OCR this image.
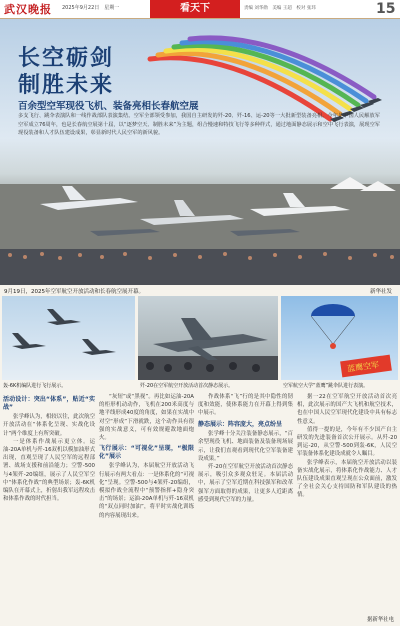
武汉晚报 2025年9月22日　星期一	看天下	责编 刘华勋　美编 王超　校对 张玮	15
长空砺剑
制胜未来
百余型空军现役飞机、装备亮相长春航空展
多支飞行、跳伞表演队和一线作战部队表演集结。空军全部领受参加，我国自主研发的歼-20、歼-16、运-20等一大批新型装备亮相。今年是中国人民解放军空军成立76周年，也是长春航空展第十届，以“逐梦空天、制胜未来”为主题，组合慢速和特技飞行等多种样式，通过地面静态展示和空中飞行表演，展现空军现役装备和人才队伍建设成果，彰显新时代人民空军的新风貌。
9月19日，2025年空军航空开放活动和长春航空展开幕。	新华社发
蓝鹰空军
轰-6K机编队进行飞行展示。	歼-20在空军航空开放活动首次静态展示。	空军航空大学“蓝鹰”跳伞队进行表演。
活动设计：突出“体系”，贴近“实战”

张学峰认为，相较以往，此次航空开放活动在“体系化呈现、实战化设计”两个维度上有所突破。

一是体系作战展示更立体。运油-20A单机与歼-16双机以模加油形式出现，直观呈现了人民空军的远程部署、战场支援和前沿能力；空警-500与4架歼-20编组，展示了人民空军空中“体系化作战”的典型场景；轰-6K机编队在开幕式上，折射出我军远程攻击和体系作战的时代担当。

“灰短”或“黑视”。再比如运油-20A的柜形机动动作，飞机在200米高度与地平线形成40度的角度，如果在实战中对空“形成”下滑就跌，这个动作具有很强的实战意义，可有效规避敌地面炮火。

飞行展示：“可视化”呈现，“极限化”展示

张学峰认为，本届航空开放活动飞行展示有两大看点：一是体系化的“可视化”呈现。空警-500与4架歼-20编组，模拟作战全流程中“预警指挥+隐身突击”的场景；运油-20A单机与歼-16双机的“双点同时加油”，将平时实战化训练的内容展现出来。

作战体系“飞”行的是其中隐性的韧度和效能，使体系能力在开幕上得到集中展示。

静态展示：阵容庞大，亮点纷呈

张学峰十分关注装备静态展示，“百余型现役飞机、地面装备及装备现场展示，让我们直观看到现代化空军装备建设成果。”

歼-20在空军航空开放活动首次静态展示，吸引众多观众驻足。本届活动中，展示了空军近期在科技强军和改革强军方面取得的成果，让更多人近距离感受到现代空军的力量。

据一22在空军航空开放活动首次亮相，此次展示的国产大飞机和航空技术，也在中国人民空军现代化建设中具有标志性意义。

值得一提的是，今年有不少国产自主研发的先进装备首次公开展示。从歼-20到运-20，从空警-500到轰-6K，人民空军装备体系化建设成就令人瞩目。

张学峰表示，本届航空开放活动以装备实战化展示，将体系化作战能力、人才队伍建设成果直观呈现在公众面前，激发了全社会关心支持国防和军队建设的热情。

据新华社电
